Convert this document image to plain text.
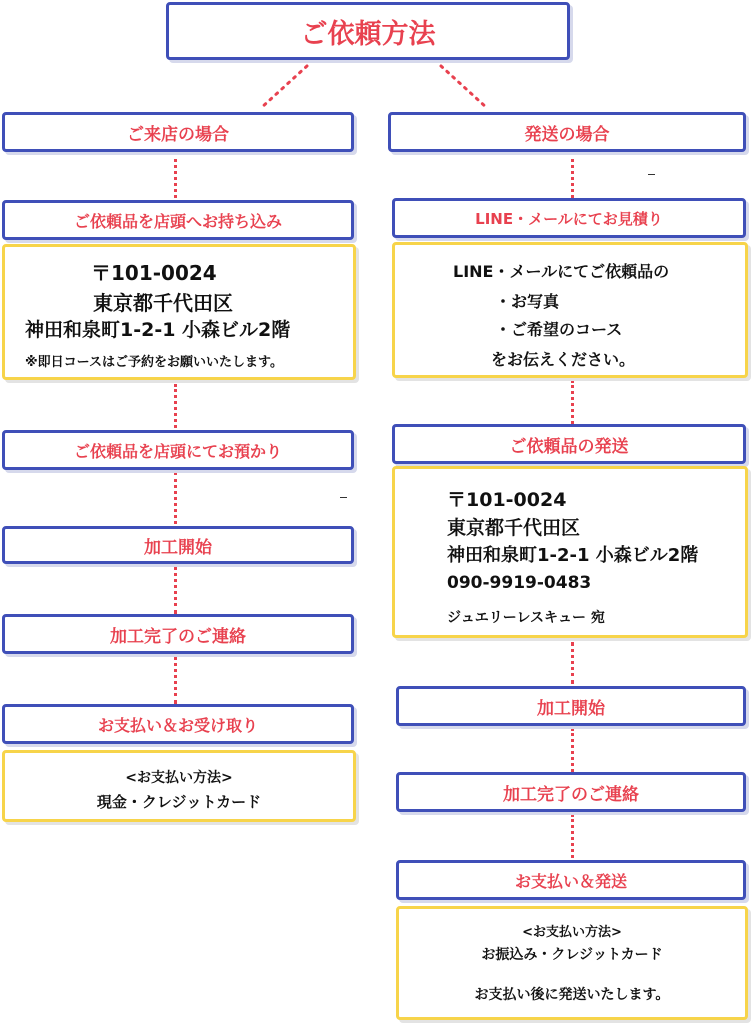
ご依頼方法
ご来店の場合
ご依頼品を店頭へお持ち込み

〒101-0024

東京都千代田区

神田和泉町1-2-1 小森ビル2階

※即日コースはご予約をお願いいたします。

ご依頼品を店頭にてお預かり
加工開始
加工完了のご連絡
お支払い＆お受け取り

<お支払い方法>

現金・クレジットカード

発送の場合
LINE・メールにてお見積り

LINE・メールにてご依頼品の

・お写真

・ご希望のコース

をお伝えください。

ご依頼品の発送

〒101-0024

東京都千代田区

神田和泉町1-2-1 小森ビル2階

090-9919-0483

ジュエリーレスキュー 宛

加工開始
加工完了のご連絡
お支払い＆発送

<お支払い方法>

お振込み・クレジットカード

お支払い後に発送いたします。
